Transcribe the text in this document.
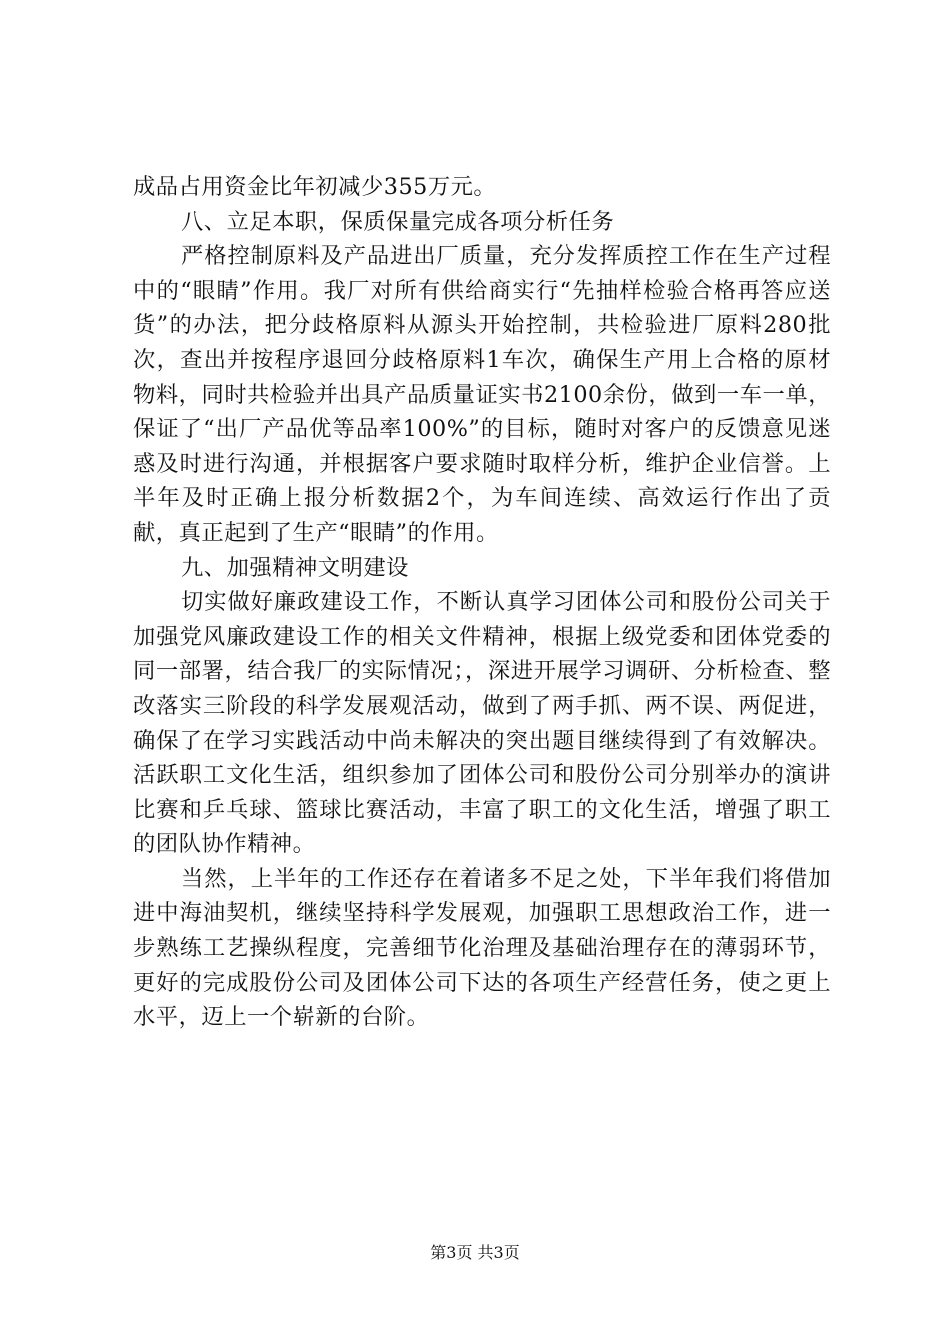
成品占用资金比年初减少355万元。

八、立足本职，保质保量完成各项分析任务

严格控制原料及产品进出厂质量，充分发挥质控工作在生产过程中的“眼睛”作用。我厂对所有供给商实行“先抽样检验合格再答应送货”的办法，把分歧格原料从源头开始控制，共检验进厂原料280批次，查出并按程序退回分歧格原料1车次，确保生产用上合格的原材物料，同时共检验并出具产品质量证实书2100余份，做到一车一单，保证了“出厂产品优等品率100%”的目标，随时对客户的反馈意见迷惑及时进行沟通，并根据客户要求随时取样分析，维护企业信誉。上半年及时正确上报分析数据2个，为车间连续、高效运行作出了贡献，真正起到了生产“眼睛”的作用。

九、加强精神文明建设

切实做好廉政建设工作，不断认真学习团体公司和股份公司关于加强党风廉政建设工作的相关文件精神，根据上级党委和团体党委的同一部署，结合我厂的实际情况；，深进开展学习调研、分析检查、整改落实三阶段的科学发展观活动，做到了两手抓、两不误、两促进，确保了在学习实践活动中尚未解决的突出题目继续得到了有效解决。活跃职工文化生活，组织参加了团体公司和股份公司分别举办的演讲比赛和乒乓球、篮球比赛活动，丰富了职工的文化生活，增强了职工的团队协作精神。

当然，上半年的工作还存在着诸多不足之处，下半年我们将借加进中海油契机，继续坚持科学发展观，加强职工思想政治工作，进一步熟练工艺操纵程度，完善细节化治理及基础治理存在的薄弱环节，更好的完成股份公司及团体公司下达的各项生产经营任务，使之更上水平，迈上一个崭新的台阶。

第3页 共3页
